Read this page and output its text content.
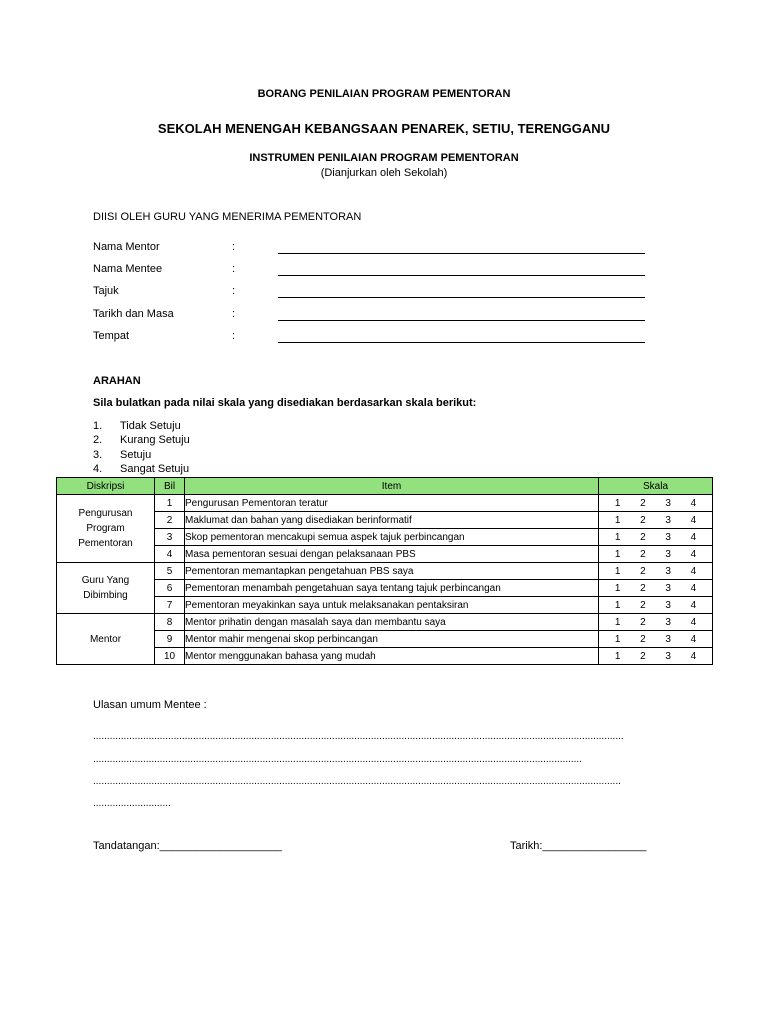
BORANG PENILAIAN PROGRAM PEMENTORAN
SEKOLAH MENENGAH KEBANGSAAN PENAREK, SETIU, TERENGGANU
INSTRUMEN PENILAIAN PROGRAM PEMENTORAN
(Dianjurkan oleh Sekolah)
DIISI OLEH GURU YANG MENERIMA PEMENTORAN
Nama Mentor	:
Nama Mentee	:
Tajuk	:
Tarikh dan Masa	:
Tempat	:
ARAHAN
Sila bulatkan pada nilai skala yang disediakan berdasarkan skala berikut:
1. Tidak Setuju
2. Kurang Setuju
3. Setuju
4. Sangat Setuju
Diskripsi	Bil	Item	Skala

Pengurusan Program Pementoran	1	Pengurusan Pementoran teratur	1 2 3 4

	2	Maklumat dan bahan yang disediakan berinformatif	1 2 3 4

	3	Skop pementoran mencakupi semua aspek tajuk perbincangan	1 2 3 4

	4	Masa pementoran sesuai dengan pelaksanaan PBS	1 2 3 4

Guru Yang Dibimbing	5	Pementoran memantapkan pengetahuan PBS saya	1 2 3 4

	6	Pementoran menambah pengetahuan saya tentang tajuk perbincangan	1 2 3 4

	7	Pementoran meyakinkan saya untuk melaksanakan pentaksiran	1 2 3 4

Mentor	8	Mentor prihatin dengan masalah saya dan membantu saya	1 2 3 4

	9	Mentor mahir mengenai skop perbincangan	1 2 3 4

	10	Mentor menggunakan bahasa yang mudah	1 2 3 4
Ulasan umum Mentee :
...............................................................................................................................................................................................
................................................................................................................................................................................
..............................................................................................................................................................................................
............................
Tandatangan:____________________	Tarikh:_________________
